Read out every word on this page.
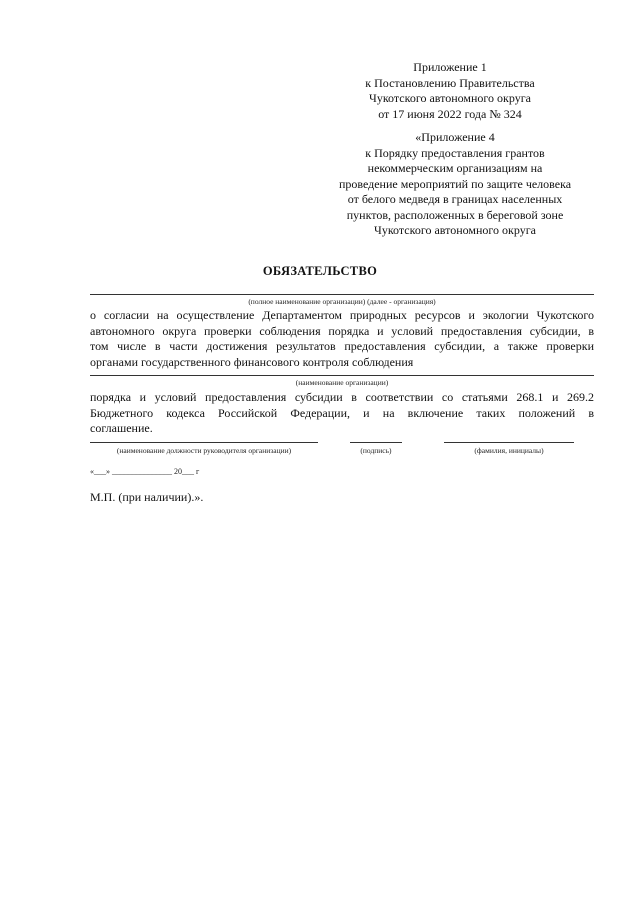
Приложение 1
к Постановлению Правительства
Чукотского автономного округа
от 17 июня 2022 года № 324
«Приложение 4
к Порядку предоставления грантов
некоммерческим организациям на
проведение мероприятий по защите человека
от белого медведя в границах населенных
пунктов, расположенных в береговой зоне
Чукотского автономного округа
ОБЯЗАТЕЛЬСТВО
(полное наименование организации) (далее - организация)
о согласии на осуществление Департаментом природных ресурсов и экологии Чукотского
автономного округа проверки соблюдения порядка и условий предоставления субсидии, в
том числе в части достижения результатов предоставления субсидии, а также проверки
органами государственного финансового контроля соблюдения
(наименование организации)
порядка и условий предоставления субсидии в соответствии со статьями 268.1 и 269.2
Бюджетного кодекса Российской Федерации, и на включение таких положений в
соглашение.
(наименование должности руководителя организации)	(подпись)	(фамилия, инициалы)
«___» _______________ 20___ г
М.П. (при наличии).».
